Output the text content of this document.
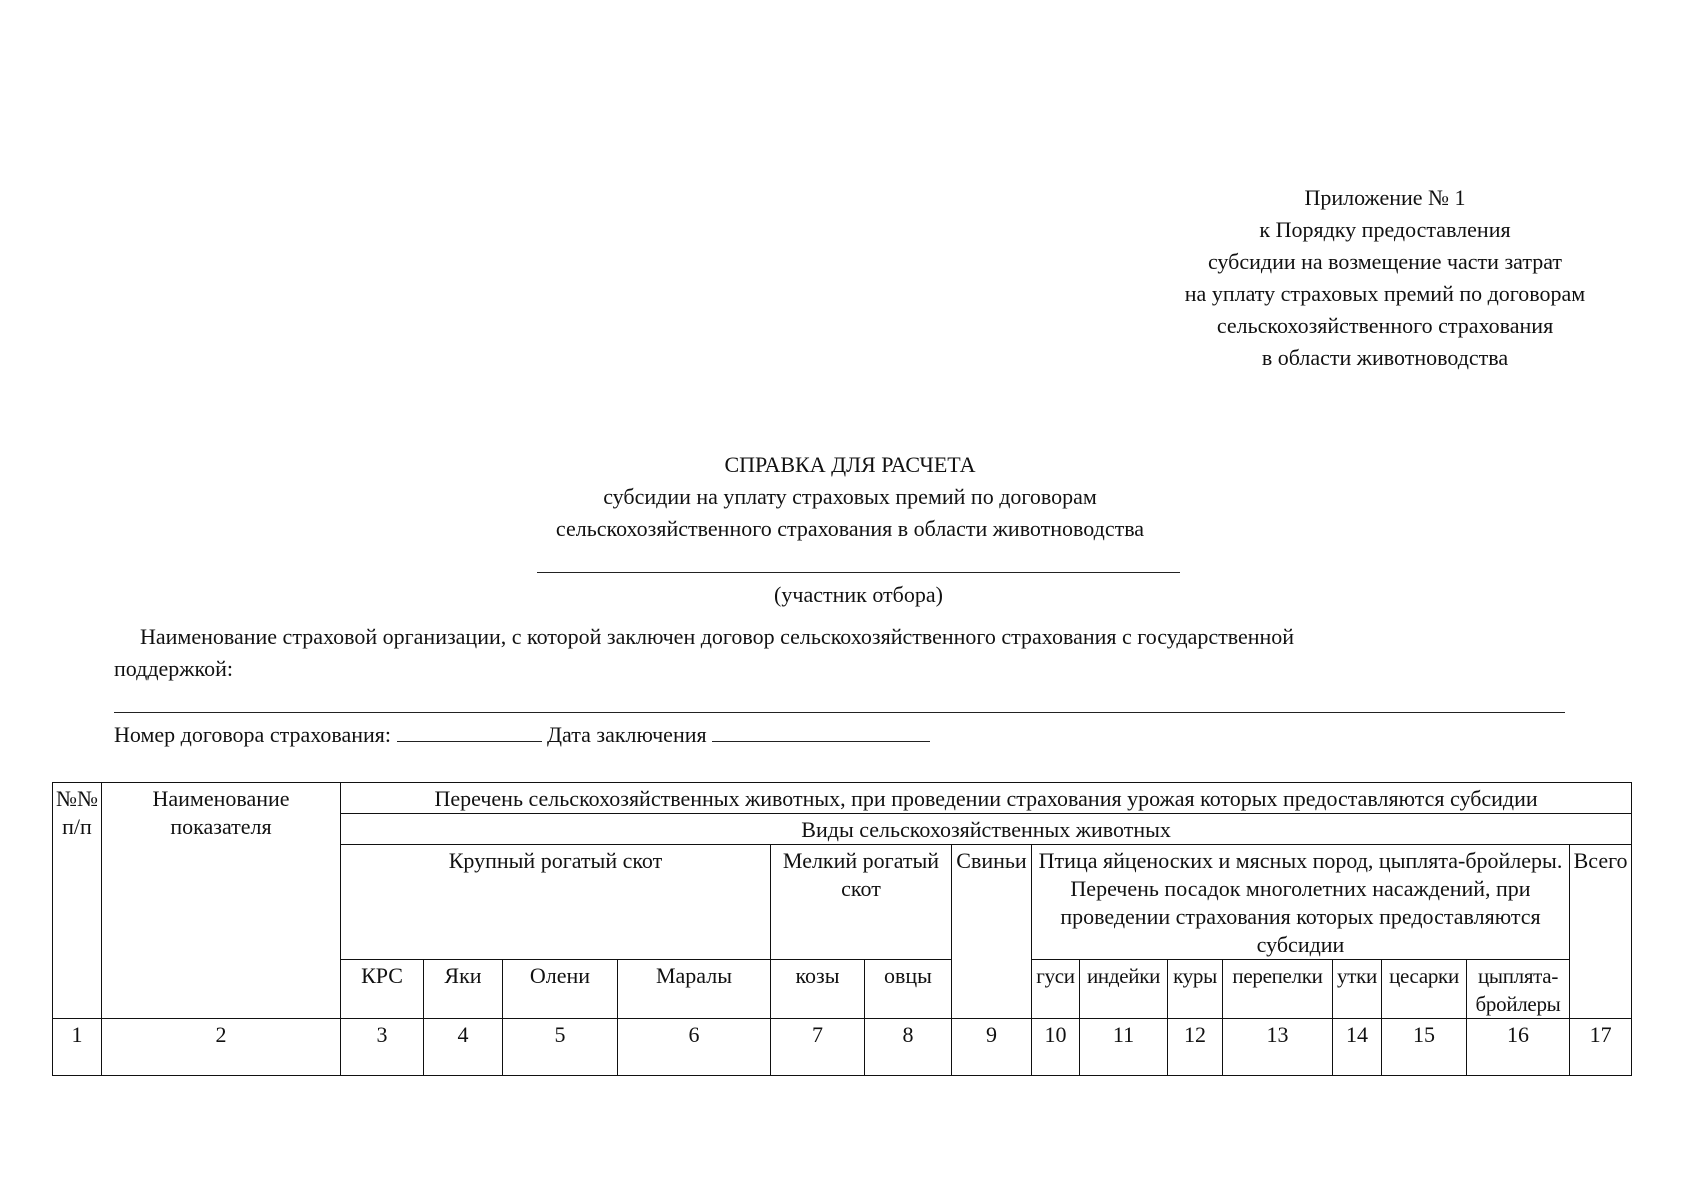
Приложение № 1
к Порядку предоставления
субсидии на возмещение части затрат
на уплату страховых премий по договорам
сельскохозяйственного страхования
в области животноводства
СПРАВКА ДЛЯ РАСЧЕТА
субсидии на уплату страховых премий по договорам
сельскохозяйственного страхования в области животноводства
(участник отбора)
Наименование страховой организации, с которой заключен договор сельскохозяйственного страхования с государственной
поддержкой:
Номер договора страхования:	Дата заключения
№№ п/п	Наименование показателя	Перечень сельскохозяйственных животных, при проведении страхования урожая которых предоставляются субсидии														
		Виды сельскохозяйственных животных														
		Крупный рогатый скот				Мелкий рогатый скот		Свиньи	Птица яйценоских и мясных пород, цыплята-бройлеры. Перечень посадок многолетних насаждений, при проведении страхования которых предоставляются субсидии							Всего
		КРС	Яки	Олени	Маралы	козы	овцы		гуси	индейки	куры	перепелки	утки	цесарки	цыплята-бройлеры	
1	2	3	4	5	6	7	8	9	10	11	12	13	14	15	16	17
